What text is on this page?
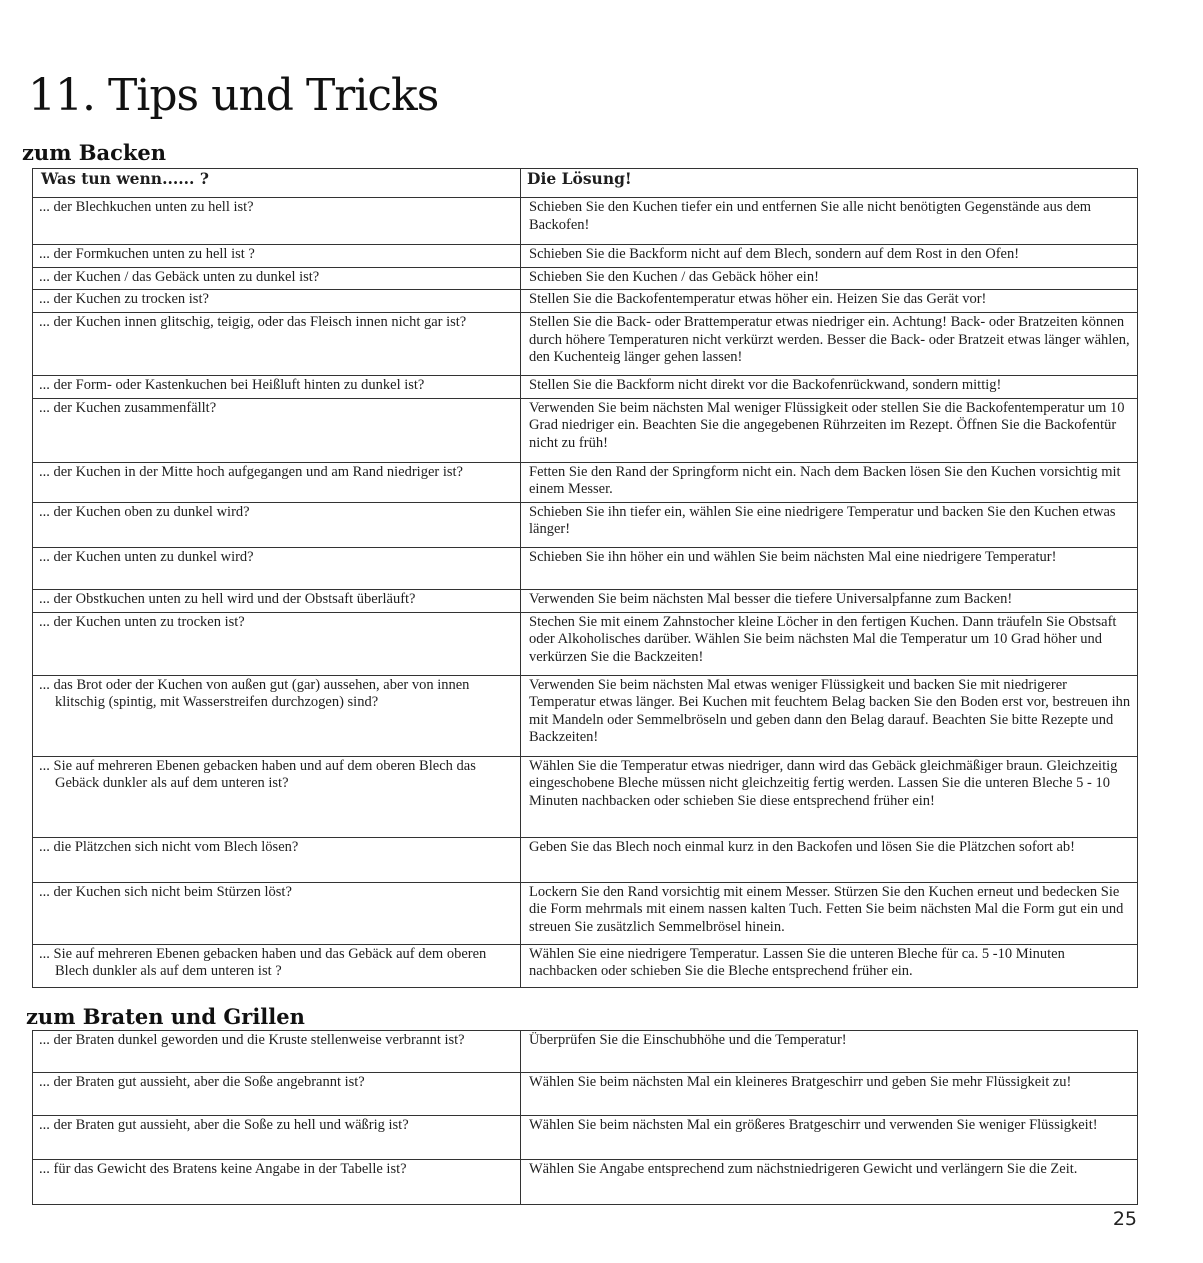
11. Tips und Tricks
zum Backen
Was tun wenn...... ?	Die Lösung!

... der Blechkuchen unten zu hell ist?	Schieben Sie den Kuchen tiefer ein und entfernen Sie alle nicht benötigten Gegenstände aus dem Backofen!

... der Formkuchen unten zu hell ist ?	Schieben Sie die Backform nicht auf dem Blech, sondern auf dem Rost in den Ofen!

... der Kuchen / das Gebäck unten zu dunkel ist?	Schieben Sie den Kuchen / das Gebäck höher ein!

... der Kuchen zu trocken ist?	Stellen Sie die Backofentemperatur etwas höher ein. Heizen Sie das Gerät vor!

... der Kuchen innen glitschig, teigig, oder das Fleisch innen nicht gar ist?	Stellen Sie die Back- oder Brattemperatur etwas niedriger ein. Achtung! Back- oder Bratzeiten können durch höhere Temperaturen nicht verkürzt werden. Besser die Back- oder Bratzeit etwas länger wählen, den Kuchenteig länger gehen lassen!

... der Form- oder Kastenkuchen bei Heißluft hinten zu dunkel ist?	Stellen Sie die Backform nicht direkt vor die Backofenrückwand, sondern mittig!

... der Kuchen zusammenfällt?	Verwenden Sie beim nächsten Mal weniger Flüssigkeit oder stellen Sie die Backofentemperatur um 10 Grad niedriger ein. Beachten Sie die angegebenen Rührzeiten im Rezept. Öffnen Sie die Backofentür nicht zu früh!

... der Kuchen in der Mitte hoch aufgegangen und am Rand niedriger ist?	Fetten Sie den Rand der Springform nicht ein. Nach dem Backen lösen Sie den Kuchen vorsichtig mit einem Messer.

... der Kuchen oben zu dunkel wird?	Schieben Sie ihn tiefer ein, wählen Sie eine niedrigere Temperatur und backen Sie den Kuchen etwas länger!

... der Kuchen unten zu dunkel wird?	Schieben Sie ihn höher ein und wählen Sie beim nächsten Mal eine niedrigere Temperatur!

... der Obstkuchen unten zu hell wird und der Obstsaft überläuft?	Verwenden Sie beim nächsten Mal besser die tiefere Universalpfanne zum Backen!

... der Kuchen unten zu trocken ist?	Stechen Sie mit einem Zahnstocher kleine Löcher in den fertigen Kuchen. Dann träufeln Sie Obstsaft oder Alkoholisches darüber. Wählen Sie beim nächsten Mal die Temperatur um 10 Grad höher und verkürzen Sie die Backzeiten!

... das Brot oder der Kuchen von außen gut (gar) aussehen, aber von innen klitschig (spintig, mit Wasserstreifen durchzogen) sind?	Verwenden Sie beim nächsten Mal etwas weniger Flüssigkeit und backen Sie mit niedrigerer Temperatur etwas länger. Bei Kuchen mit feuchtem Belag backen Sie den Boden erst vor, bestreuen ihn mit Mandeln oder Semmelbröseln und geben dann den Belag darauf. Beachten Sie bitte Rezepte und Backzeiten!

... Sie auf mehreren Ebenen gebacken haben und auf dem oberen Blech das Gebäck dunkler als auf dem unteren ist?	Wählen Sie die Temperatur etwas niedriger, dann wird das Gebäck gleichmäßiger braun. Gleichzeitig eingeschobene Bleche müssen nicht gleichzeitig fertig werden. Lassen Sie die unteren Bleche 5 - 10 Minuten nachbacken oder schieben Sie diese entsprechend früher ein!

... die Plätzchen sich nicht vom Blech lösen?	Geben Sie das Blech noch einmal kurz in den Backofen und lösen Sie die Plätzchen sofort ab!

... der Kuchen sich nicht beim Stürzen löst?	Lockern Sie den Rand vorsichtig mit einem Messer. Stürzen Sie den Kuchen erneut und bedecken Sie die Form mehrmals mit einem nassen kalten Tuch. Fetten Sie beim nächsten Mal die Form gut ein und streuen Sie zusätzlich Semmelbrösel hinein.

... Sie auf mehreren Ebenen gebacken haben und das Gebäck auf dem oberen Blech dunkler als auf dem unteren ist ?	Wählen Sie eine niedrigere Temperatur. Lassen Sie die unteren Bleche für ca. 5 -10 Minuten nachbacken oder schieben Sie die Bleche entsprechend früher ein.
zum Braten und Grillen
... der Braten dunkel geworden und die Kruste stellenweise verbrannt ist?	Überprüfen Sie die Einschubhöhe und die Temperatur!

... der Braten gut aussieht, aber die Soße angebrannt ist?	Wählen Sie beim nächsten Mal ein kleineres Bratgeschirr und geben Sie mehr Flüssigkeit zu!

... der Braten gut aussieht, aber die Soße zu hell und wäßrig ist?	Wählen Sie beim nächsten Mal ein größeres Bratgeschirr und verwenden Sie weniger Flüssigkeit!

... für das Gewicht des Bratens keine Angabe in der Tabelle ist?	Wählen Sie Angabe entsprechend zum nächstniedrigeren Gewicht und verlängern Sie die Zeit.
25
